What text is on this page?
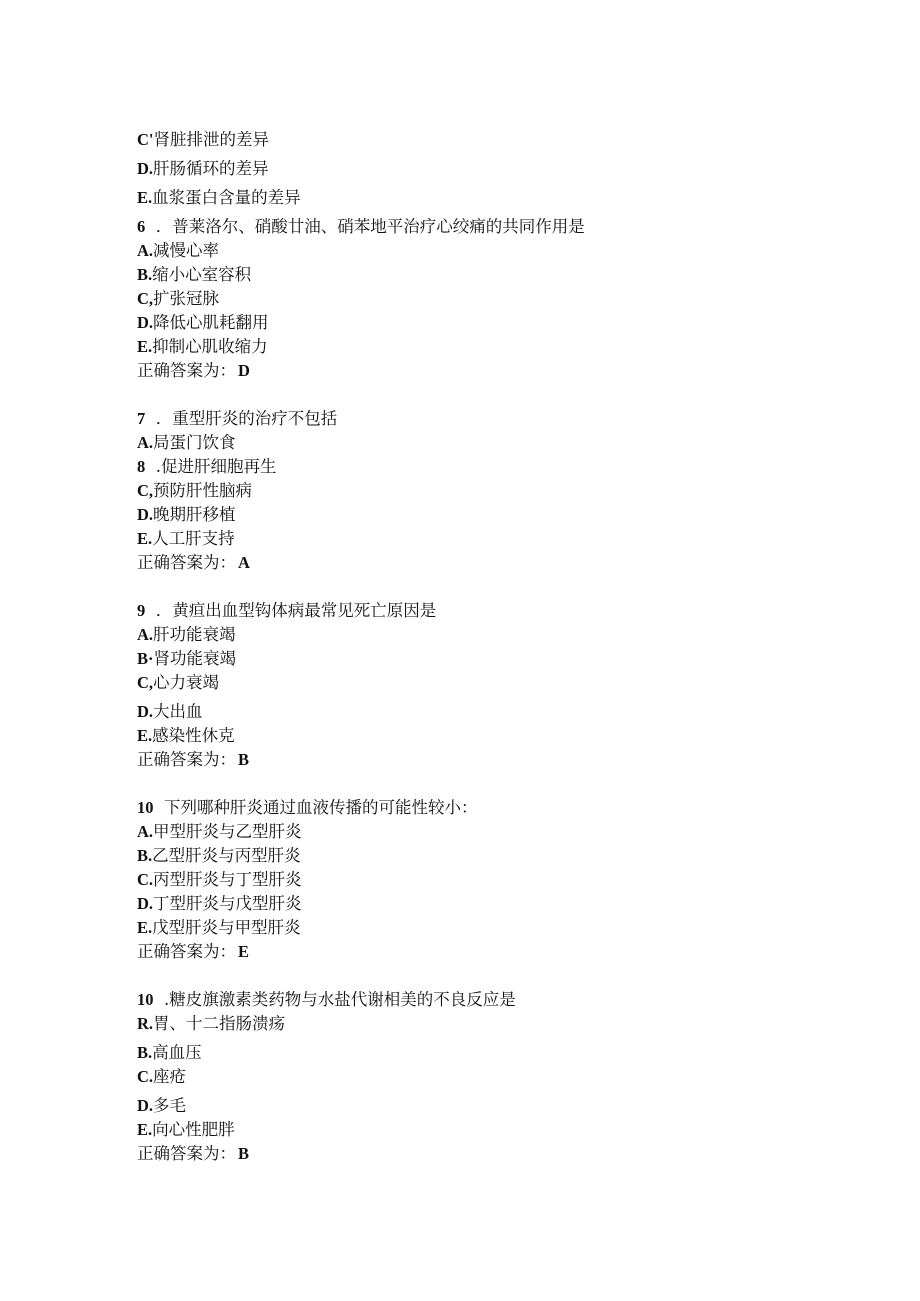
C'肾脏排泄的差异
D.肝肠循环的差异
E.血浆蛋白含量的差异
6 ．普莱洛尔、硝酸廿油、硝苯地平治疗心绞痛的共同作用是
A.减慢心率
B.缩小心室容积
C,扩张冠脉
D.降低心肌耗翻用
E.抑制心肌收缩力
正确答案为： D
7 ．重型肝炎的治疗不包括
A.局蛋门饮食
8  .促进肝细胞再生
C,预防肝性脑病
D.晚期肝移植
E.人工肝支持
正确答案为： A
9 ．黄疸出血型钩体病最常见死亡原因是
A.肝功能衰竭
B·肾功能衰竭
C,心力衰竭
D.大出血
E.感染性休克
正确答案为： B
10 下列哪种肝炎通过血液传播的可能性较小：
A.甲型肝炎与乙型肝炎
B.乙型肝炎与丙型肝炎
C.丙型肝炎与丁型肝炎
D.丁型肝炎与戊型肝炎
E.戊型肝炎与甲型肝炎
正确答案为： E
10 .糖皮旗激素类药物与水盐代谢相美的不良反应是
R.胃、十二指肠溃疡
B.高血压
C.座疮
D.多毛
E.向心性肥胖
正确答案为： B
